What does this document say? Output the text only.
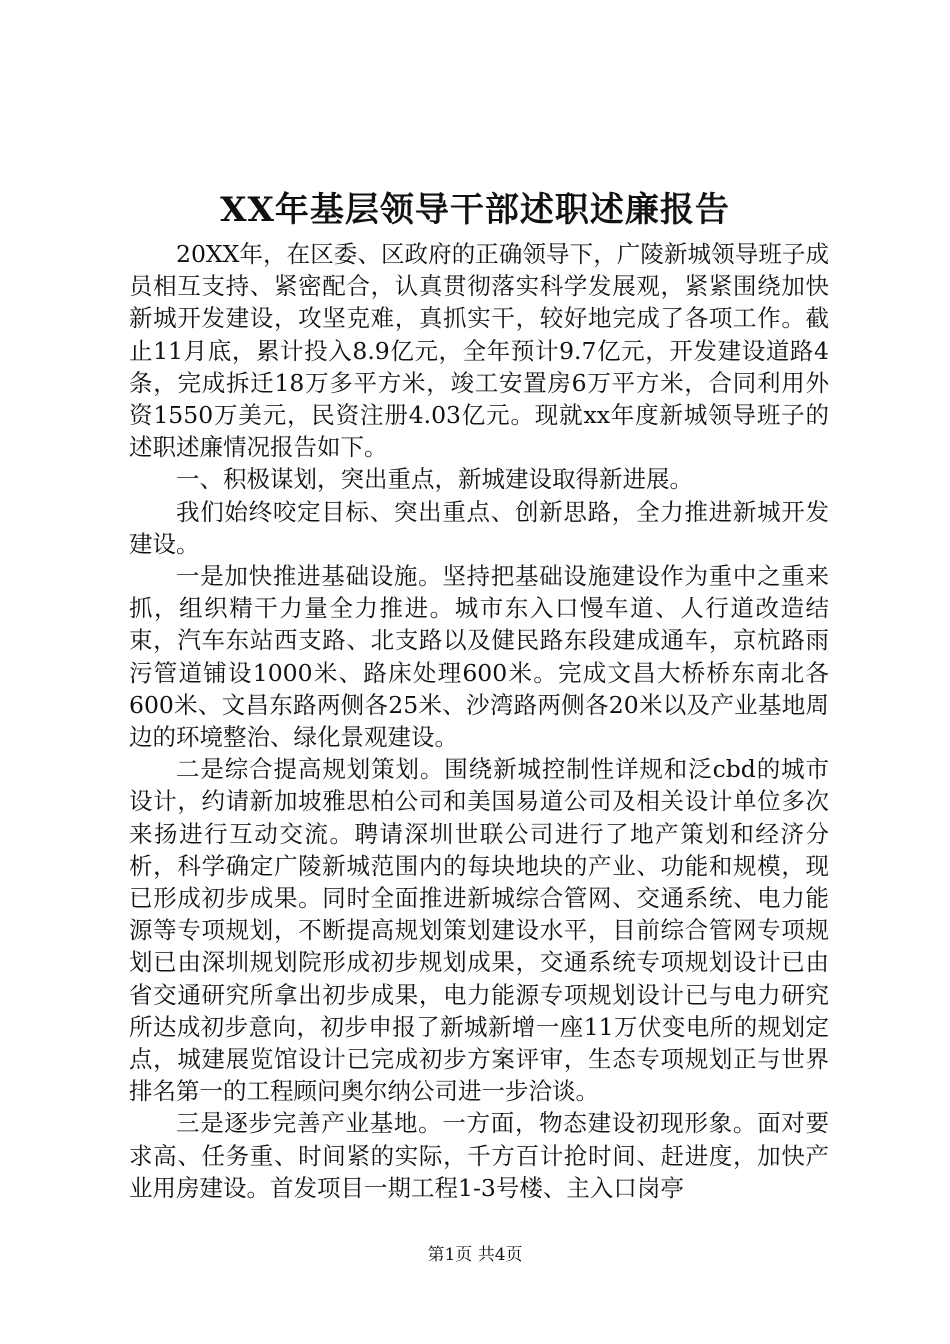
XX年基层领导干部述职述廉报告

20XX年，在区委、区政府的正确领导下，广陵新城领导班子成员相互支持、紧密配合，认真贯彻落实科学发展观，紧紧围绕加快新城开发建设，攻坚克难，真抓实干，较好地完成了各项工作。截止11月底，累计投入8.9亿元，全年预计9.7亿元，开发建设道路4条，完成拆迁18万多平方米，竣工安置房6万平方米，合同利用外资1550万美元，民资注册4.03亿元。现就xx年度新城领导班子的述职述廉情况报告如下。

一、积极谋划，突出重点，新城建设取得新进展。

我们始终咬定目标、突出重点、创新思路，全力推进新城开发建设。

一是加快推进基础设施。坚持把基础设施建设作为重中之重来抓，组织精干力量全力推进。城市东入口慢车道、人行道改造结束，汽车东站西支路、北支路以及健民路东段建成通车，京杭路雨污管道铺设1000米、路床处理600米。完成文昌大桥桥东南北各600米、文昌东路两侧各25米、沙湾路两侧各20米以及产业基地周边的环境整治、绿化景观建设。

二是综合提高规划策划。围绕新城控制性详规和泛cbd的城市设计，约请新加坡雅思柏公司和美国易道公司及相关设计单位多次来扬进行互动交流。聘请深圳世联公司进行了地产策划和经济分析，科学确定广陵新城范围内的每块地块的产业、功能和规模，现已形成初步成果。同时全面推进新城综合管网、交通系统、电力能源等专项规划，不断提高规划策划建设水平，目前综合管网专项规划已由深圳规划院形成初步规划成果，交通系统专项规划设计已由省交通研究所拿出初步成果，电力能源专项规划设计已与电力研究所达成初步意向，初步申报了新城新增一座11万伏变电所的规划定点，城建展览馆设计已完成初步方案评审，生态专项规划正与世界排名第一的工程顾问奥尔纳公司进一步洽谈。

三是逐步完善产业基地。一方面，物态建设初现形象。面对要求高、任务重、时间紧的实际，千方百计抢时间、赶进度，加快产业用房建设。首发项目一期工程1-3号楼、主入口岗亭

第1页 共4页
